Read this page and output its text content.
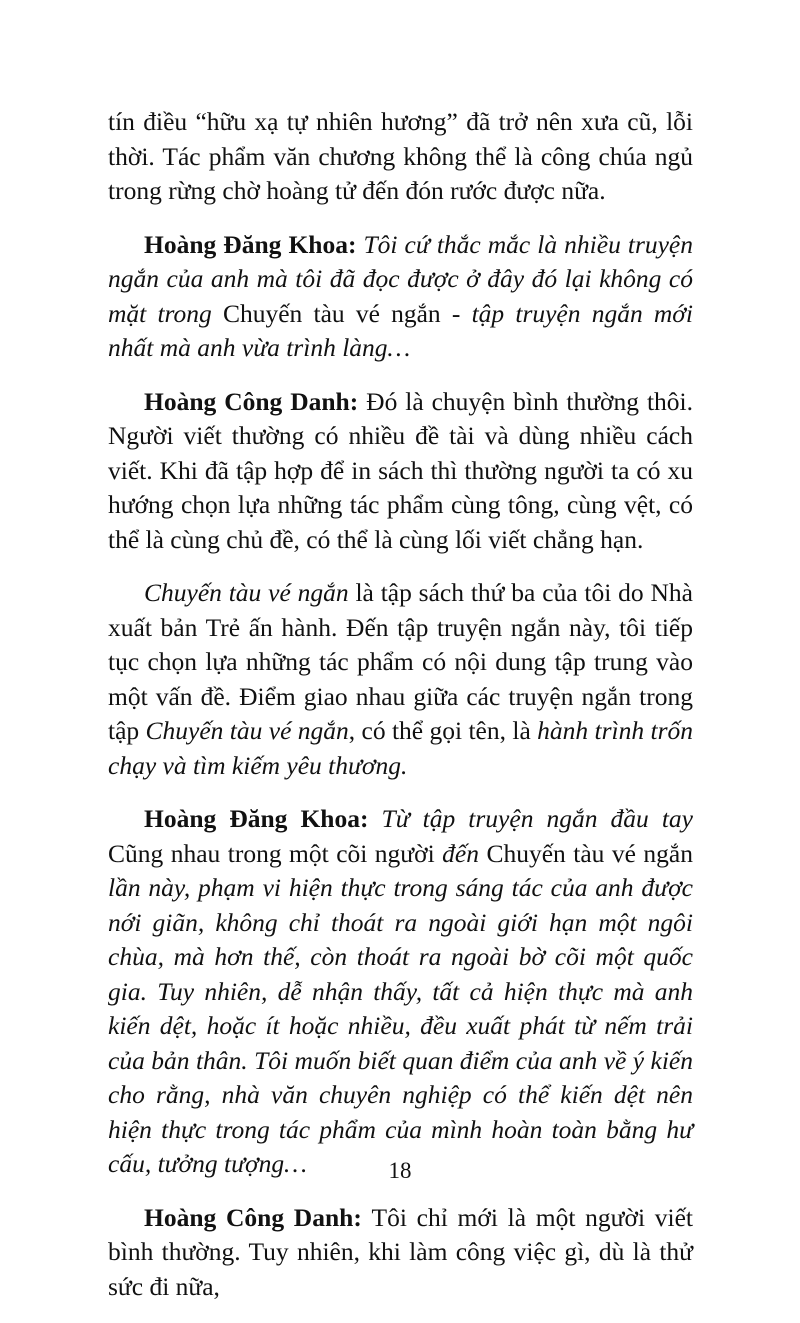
tín điều “hữu xạ tự nhiên hương” đã trở nên xưa cũ, lỗi thời. Tác phẩm văn chương không thể là công chúa ngủ trong rừng chờ hoàng tử đến đón rước được nữa.

Hoàng Đăng Khoa: Tôi cứ thắc mắc là nhiều truyện ngắn của anh mà tôi đã đọc được ở đây đó lại không có mặt trong Chuyến tàu vé ngắn - tập truyện ngắn mới nhất mà anh vừa trình làng…

Hoàng Công Danh: Đó là chuyện bình thường thôi. Người viết thường có nhiều đề tài và dùng nhiều cách viết. Khi đã tập hợp để in sách thì thường người ta có xu hướng chọn lựa những tác phẩm cùng tông, cùng vệt, có thể là cùng chủ đề, có thể là cùng lối viết chẳng hạn.

Chuyến tàu vé ngắn là tập sách thứ ba của tôi do Nhà xuất bản Trẻ ấn hành. Đến tập truyện ngắn này, tôi tiếp tục chọn lựa những tác phẩm có nội dung tập trung vào một vấn đề. Điểm giao nhau giữa các truyện ngắn trong tập Chuyến tàu vé ngắn, có thể gọi tên, là hành trình trốn chạy và tìm kiếm yêu thương.

Hoàng Đăng Khoa: Từ tập truyện ngắn đầu tay Cũng nhau trong một cõi người đến Chuyến tàu vé ngắn lần này, phạm vi hiện thực trong sáng tác của anh được nới giãn, không chỉ thoát ra ngoài giới hạn một ngôi chùa, mà hơn thế, còn thoát ra ngoài bờ cõi một quốc gia. Tuy nhiên, dễ nhận thấy, tất cả hiện thực mà anh kiến dệt, hoặc ít hoặc nhiều, đều xuất phát từ nếm trải của bản thân. Tôi muốn biết quan điểm của anh về ý kiến cho rằng, nhà văn chuyên nghiệp có thể kiến dệt nên hiện thực trong tác phẩm của mình hoàn toàn bằng hư cấu, tưởng tượng…

Hoàng Công Danh: Tôi chỉ mới là một người viết bình thường. Tuy nhiên, khi làm công việc gì, dù là thử sức đi nữa,

18
